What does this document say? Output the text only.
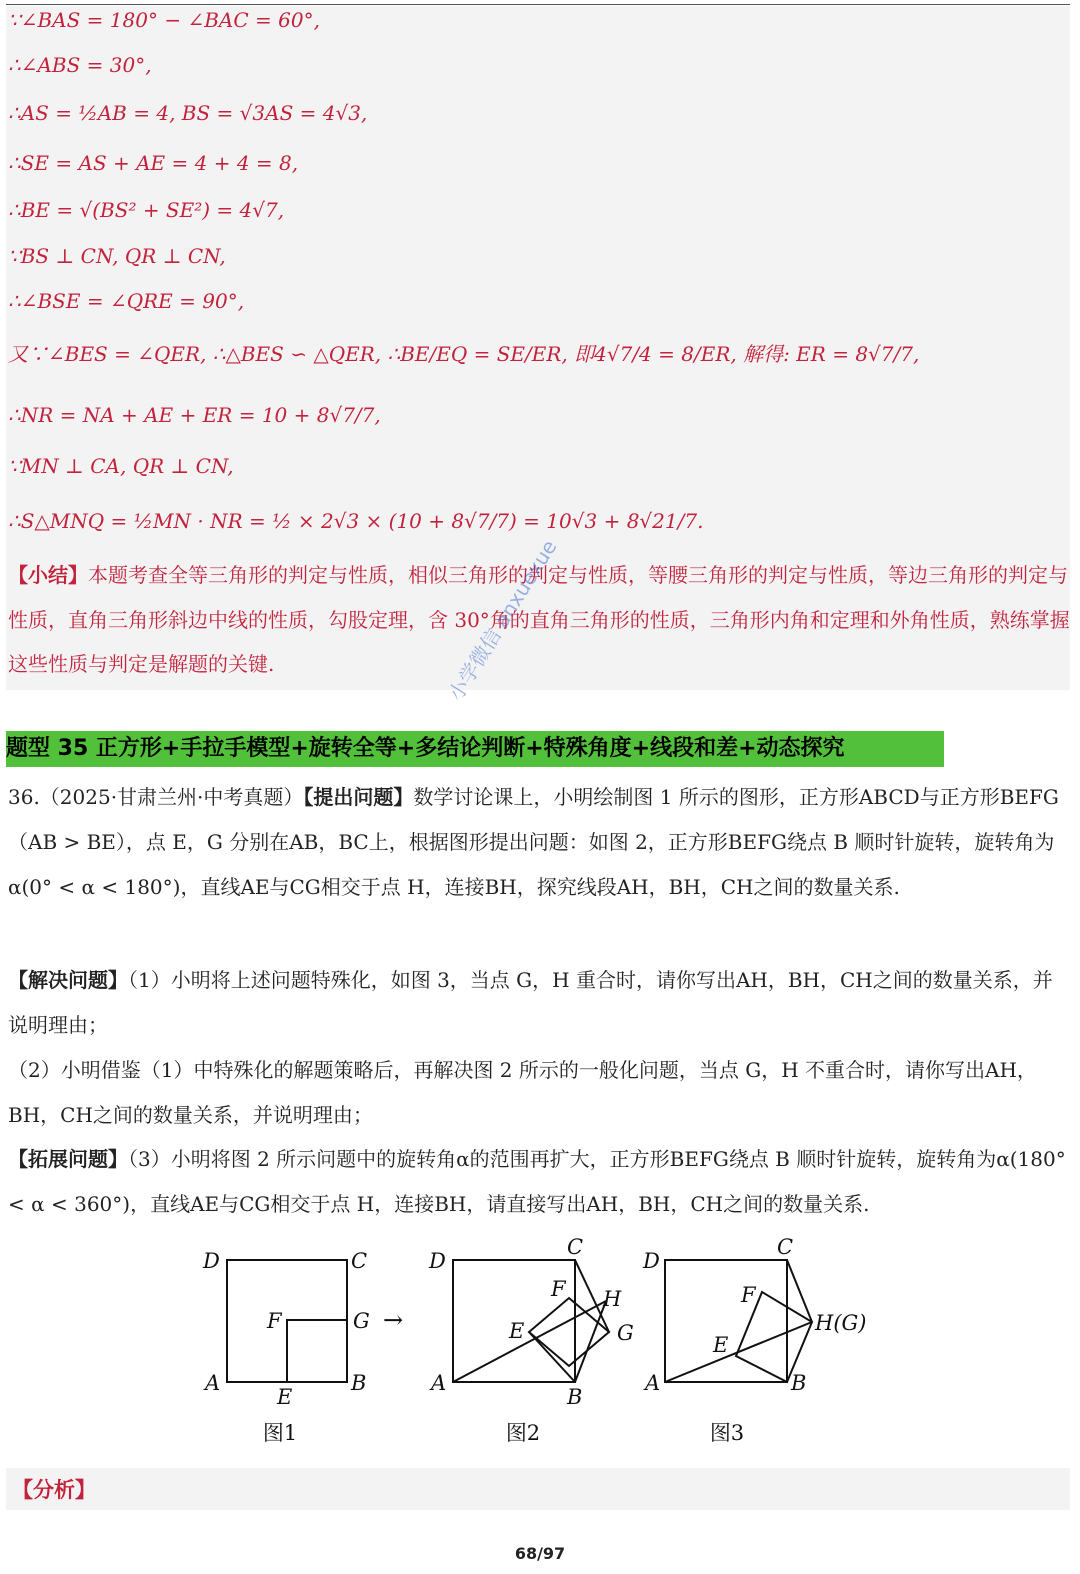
∵∠BAS = 180° − ∠BAC = 60°,
∴∠ABS = 30°,
∴AS = ½AB = 4, BS = √3AS = 4√3,
∴SE = AS + AE = 4 + 4 = 8,
∴BE = √(BS² + SE²) = 4√7,
∵BS ⊥ CN, QR ⊥ CN,
∴∠BSE = ∠QRE = 90°,
又∵∠BES = ∠QER, ∴△BES ∽ △QER, ∴BE/EQ = SE/ER, 即4√7/4 = 8/ER, 解得: ER = 8√7/7,
∴NR = NA + AE + ER = 10 + 8√7/7,
∵MN ⊥ CA, QR ⊥ CN,
∴S△MNQ = ½MN · NR = ½ × 2√3 × (10 + 8√7/7) = 10√3 + 8√21/7.
【小结】本题考查全等三角形的判定与性质，相似三角形的判定与性质，等腰三角形的判定与性质，等边三角形的判定与性质，直角三角形斜边中线的性质，勾股定理，含 30°角的直角三角形的性质，三角形内角和定理和外角性质，熟练掌握这些性质与判定是解题的关键.
题型 35 正方形+手拉手模型+旋转全等+多结论判断+特殊角度+线段和差+动态探究
小学微信 anxuexue
36.（2025·甘肃兰州·中考真题）【提出问题】数学讨论课上，小明绘制图 1 所示的图形，正方形ABCD与正方形BEFG（AB > BE），点 E，G 分别在AB，BC上，根据图形提出问题：如图 2，正方形BEFG绕点 B 顺时针旋转，旋转角为α(0° < α < 180°)，直线AE与CG相交于点 H，连接BH，探究线段AH，BH，CH之间的数量关系.
【解决问题】（1）小明将上述问题特殊化，如图 3，当点 G，H 重合时，请你写出AH，BH，CH之间的数量关系，并说明理由；
（2）小明借鉴（1）中特殊化的解题策略后，再解决图 2 所示的一般化问题，当点 G，H 不重合时，请你写出AH，BH，CH之间的数量关系，并说明理由；
【拓展问题】（3）小明将图 2 所示问题中的旋转角α的范围再扩大，正方形BEFG绕点 B 顺时针旋转，旋转角为α(180° < α < 360°)，直线AE与CG相交于点 H，连接BH，请直接写出AH，BH，CH之间的数量关系.
D	C
F	G
A
E
B
图1
→
D
C
F H
E	G
A
B
图2
D
C
F
H(G)
E
A	B
图3
【分析】
68/97
